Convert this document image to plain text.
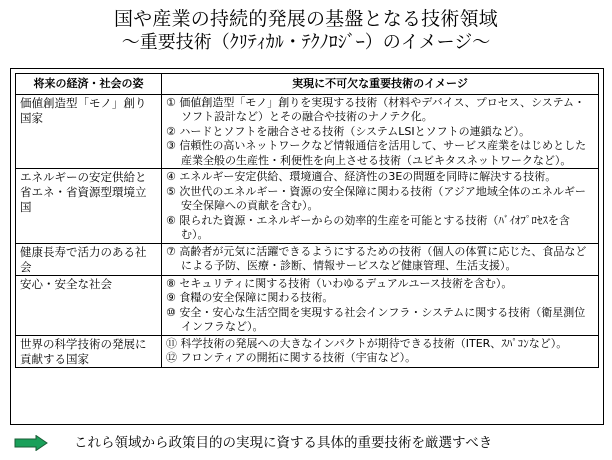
国や産業の持続的発展の基盤となる技術領域
～重要技術（ｸﾘﾃｨｶﾙ・ﾃｸﾉﾛｼﾞｰ）のイメージ～
将来の経済・社会の姿	実現に不可欠な重要技術のイメージ
価値創造型「モノ」創り国家	① 価値創造型「モノ」創りを実現する技術（材料やデバイス、プロセス、システム・ソフト設計など）とその融合や技術のナノテク化。
② ハードとソフトを融合させる技術（システムLSIとソフトの連鎖など）。
③ 信頼性の高いネットワークなど情報通信を活用して、サービス産業をはじめとした産業全般の生産性・利便性を向上させる技術（ユビキタスネットワークなど）。

エネルギーの安定供給と省エネ・省資源型環境立国	④ エネルギー安定供給、環境適合、経済性の3Eの問題を同時に解決する技術。
⑤ 次世代のエネルギー・資源の安全保障に関わる技術（アジア地域全体のエネルギー安全保障への貢献を含む）。
⑥ 限られた資源・エネルギーからの効率的生産を可能とする技術（ﾊﾞｲｵﾌﾟﾛｾｽを含む）。

健康長寿で活力のある社会	⑦ 高齢者が元気に活躍できるようにするための技術（個人の体質に応じた、食品などによる予防、医療・診断、情報サービスなど健康管理、生活支援）。

安心・安全な社会	⑧ セキュリティに関する技術（いわゆるデュアルユース技術を含む）。
⑨ 食糧の安全保障に関わる技術。
⑩ 安全・安心な生活空間を実現する社会インフラ・システムに関する技術（衛星測位インフラなど）。

世界の科学技術の発展に貢献する国家	⑪ 科学技術の発展への大きなインパクトが期待できる技術（ITER、ｽﾊﾟｺﾝなど）。
⑫ フロンティアの開拓に関する技術（宇宙など）。
これら領域から政策目的の実現に資する具体的重要技術を厳選すべき
